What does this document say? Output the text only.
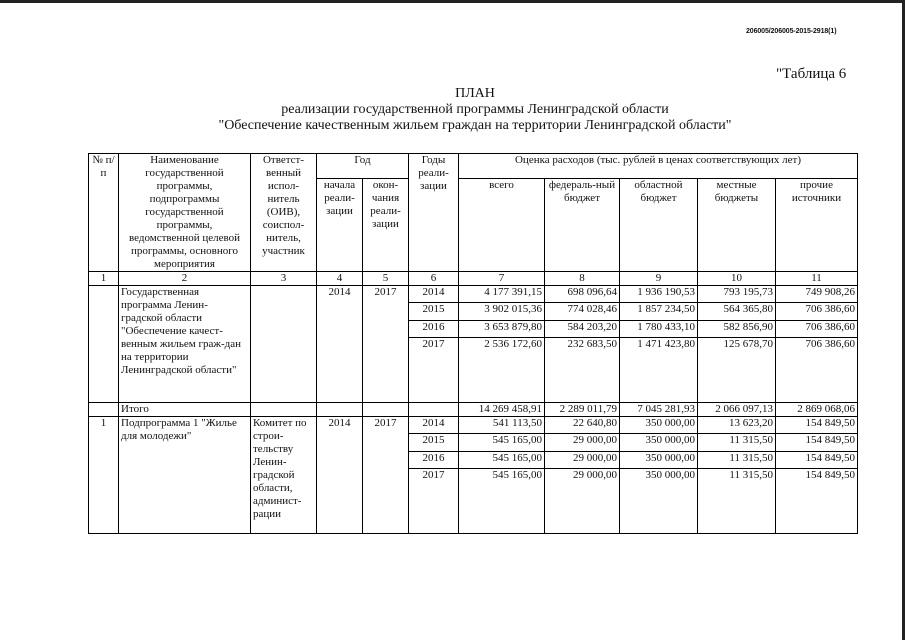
206005/206005-2015-2918(1)
"Таблица 6
ПЛАН
реализации государственной программы Ленинградской области
"Обеспечение качественным жильем граждан на территории Ленинградской области"
№ п/п	Наименование государственной программы, подпрограммы государственной программы, ведомственной целевой программы, основного мероприятия	Ответст-венный испол-нитель (ОИВ), соиспол-нитель, участник	Год		Годы реали-зации	Оценка расходов (тыс. рублей в ценах соответствующих лет)				
			начала реали-зации	окон-чания реали-зации		всего	федераль-ный бюджет	областной бюджет	местные бюджеты	прочие источники
1	2	3	4	5	6	7	8	9	10	11
	Государственная программа Ленин-градской области "Обеспечение качест-венным жильем граж-дан на территории Ленинградской области"		2014	2017	2014	4 177 391,15	698 096,64	1 936 190,53	793 195,73	749 908,26
					2015	3 902 015,36	774 028,46	1 857 234,50	564 365,80	706 386,60
					2016	3 653 879,80	584 203,20	1 780 433,10	582 856,90	706 386,60
					2017	2 536 172,60	232 683,50	1 471 423,80	125 678,70	706 386,60
	Итого					14 269 458,91	2 289 011,79	7 045 281,93	2 066 097,13	2 869 068,06
1	Подпрограмма 1 "Жилье для молодежи"	Комитет по строи-тельству Ленин-градской области, админист-рации	2014	2017	2014	541 113,50	22 640,80	350 000,00	13 623,20	154 849,50
					2015	545 165,00	29 000,00	350 000,00	11 315,50	154 849,50
					2016	545 165,00	29 000,00	350 000,00	11 315,50	154 849,50
					2017	545 165,00	29 000,00	350 000,00	11 315,50	154 849,50
